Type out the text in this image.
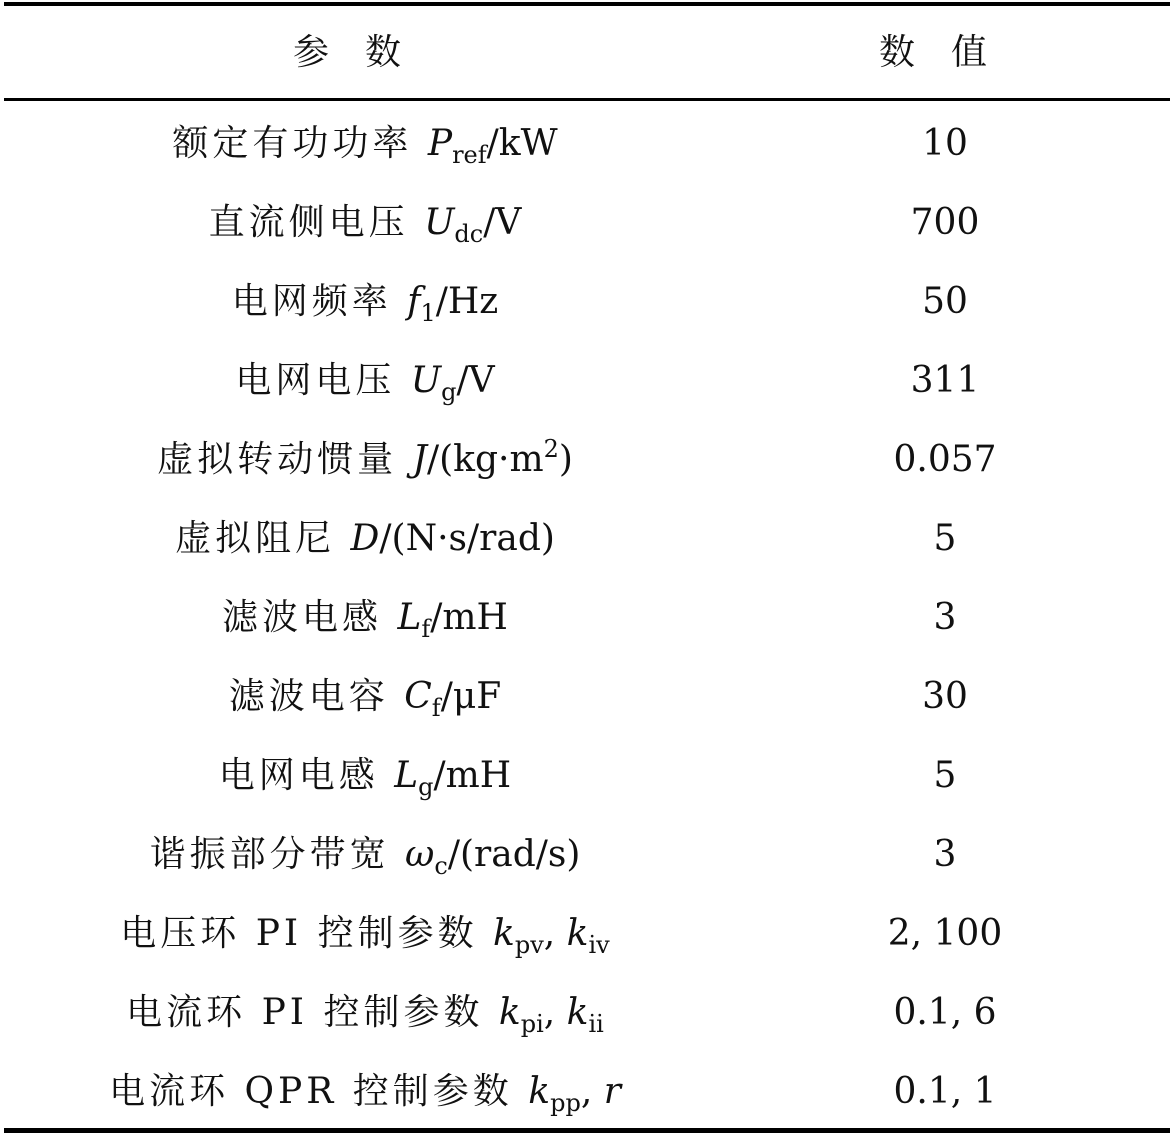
参数	数值
额定有功功率 $P_{ref}/kW$	10
直流侧电压 $U_{dc}/V$	700
电网频率 $f_1/Hz$	50
电网电压 $U_g/V$	311
虚拟转动惯量 $J/(kg\cdot m^2)$	0.057
虚拟阻尼 D/(N·s/rad)	5
滤波电感 $L_f/mH$	3
滤波电容 $C_f/\mu F$	30
电网电感 $L_g/mH$	5
谐振部分带宽 $\omega_c/(rad/s)$	3
电压环 PI 控制参数 $k_{pv}$, $k_{iv}$	2, 100
电流环 PI 控制参数 $k_{pi}$, $k_{ii}$	0.1, 6
电流环 QPR 控制参数 $k_{pp}$, r	0.1, 1
